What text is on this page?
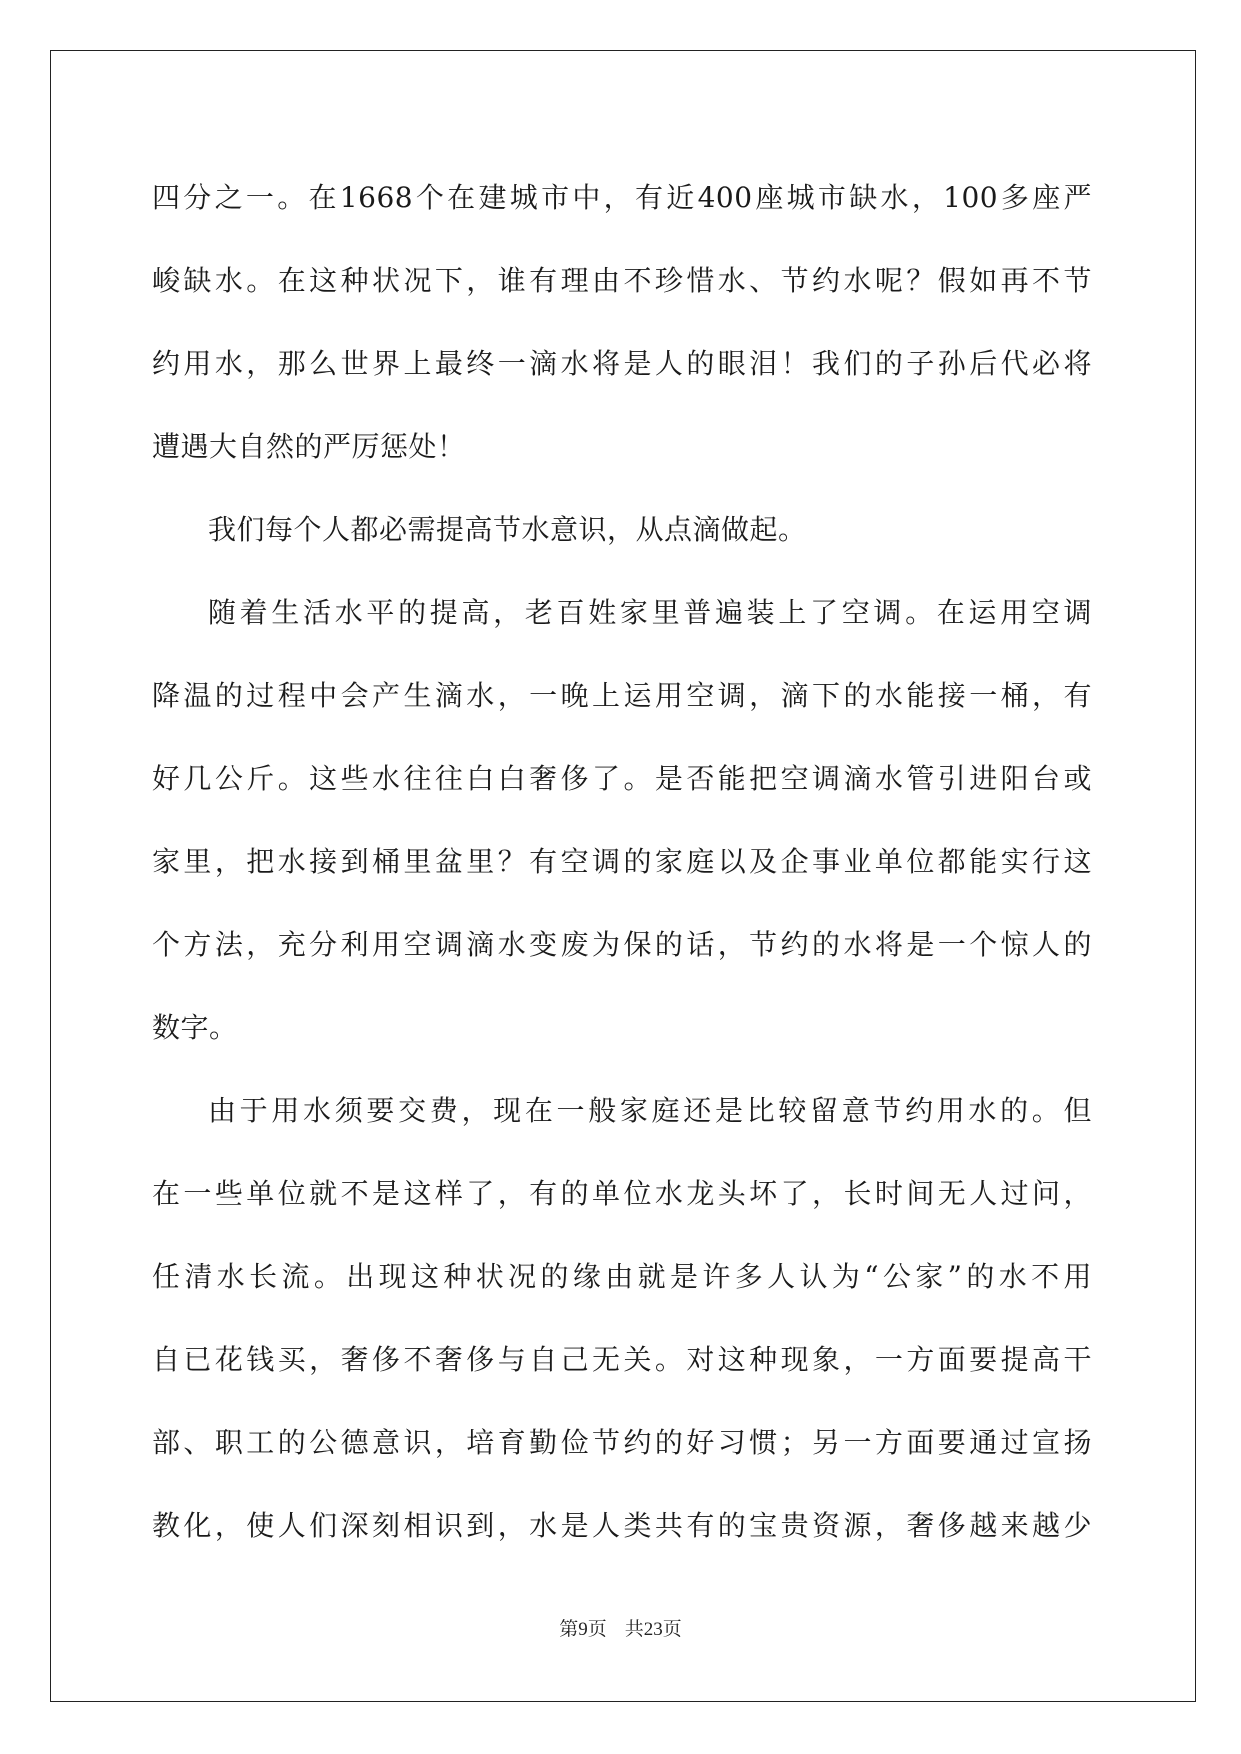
四分之一。在1668个在建城市中，有近400座城市缺水，100多座严
峻缺水。在这种状况下，谁有理由不珍惜水、节约水呢？假如再不节
约用水，那么世界上最终一滴水将是人的眼泪！我们的子孙后代必将
遭遇大自然的严厉惩处！
我们每个人都必需提高节水意识，从点滴做起。
随着生活水平的提高，老百姓家里普遍装上了空调。在运用空调
降温的过程中会产生滴水，一晚上运用空调，滴下的水能接一桶，有
好几公斤。这些水往往白白奢侈了。是否能把空调滴水管引进阳台或
家里，把水接到桶里盆里？有空调的家庭以及企事业单位都能实行这
个方法，充分利用空调滴水变废为保的话，节约的水将是一个惊人的
数字。
由于用水须要交费，现在一般家庭还是比较留意节约用水的。但
在一些单位就不是这样了，有的单位水龙头坏了，长时间无人过问，
任清水长流。出现这种状况的缘由就是许多人认为“公家”的水不用
自已花钱买，奢侈不奢侈与自己无关。对这种现象，一方面要提高干
部、职工的公德意识，培育勤俭节约的好习惯；另一方面要通过宣扬
教化，使人们深刻相识到，水是人类共有的宝贵资源，奢侈越来越少
第9页 共23页
